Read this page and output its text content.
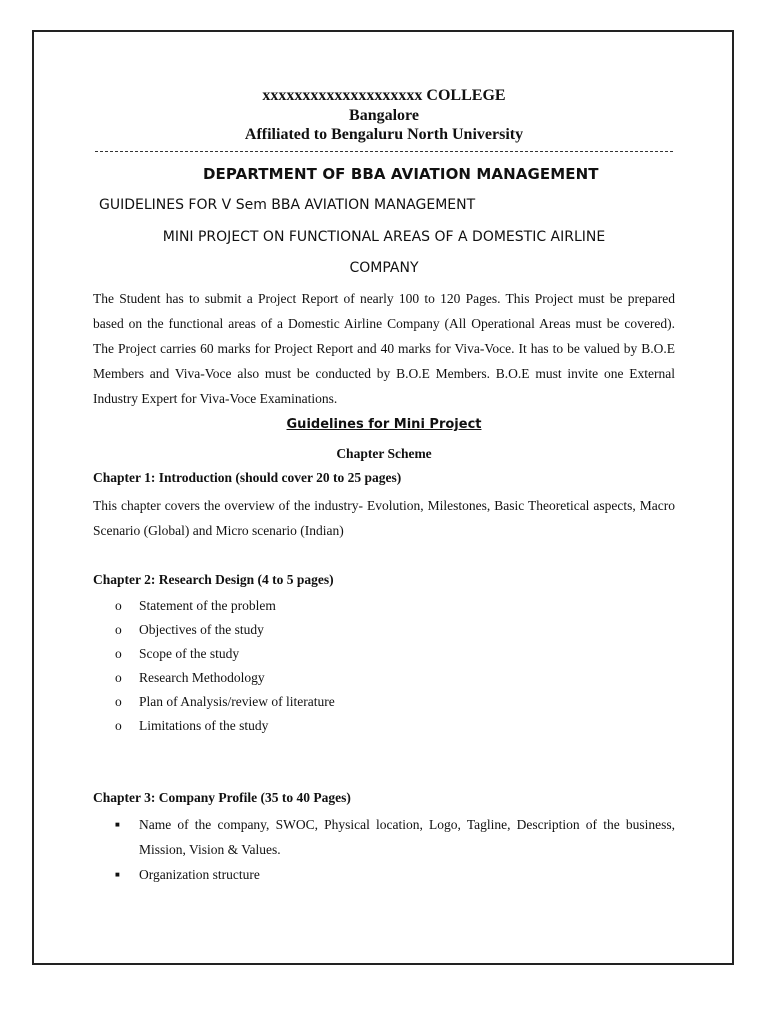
xxxxxxxxxxxxxxxxxxxx COLLEGE
Bangalore
Affiliated to Bengaluru North University
DEPARTMENT OF BBA AVIATION MANAGEMENT
GUIDELINES FOR V Sem BBA AVIATION MANAGEMENT
MINI PROJECT ON FUNCTIONAL AREAS OF A DOMESTIC AIRLINE
COMPANY
The Student has to submit a Project Report of nearly 100 to 120 Pages. This Project must be prepared based on the functional areas of a Domestic Airline Company (All Operational Areas must be covered). The Project carries 60 marks for Project Report and 40 marks for Viva-Voce. It has to be valued by B.O.E Members and Viva-Voce also must be conducted by B.O.E Members. B.O.E must invite one External Industry Expert for Viva-Voce Examinations.
Guidelines for Mini Project
Chapter Scheme
Chapter 1: Introduction (should cover 20 to 25 pages)
This chapter covers the overview of the industry- Evolution, Milestones, Basic Theoretical aspects, Macro Scenario (Global) and Micro scenario (Indian)
Chapter 2: Research Design (4 to 5 pages)
o	Statement of the problem
o	Objectives of the study
o	Scope of the study
o	Research Methodology
o	Plan of Analysis/review of literature
o	Limitations of the study
Chapter 3: Company Profile (35 to 40 Pages)
■	Name of the company, SWOC, Physical location, Logo, Tagline, Description of the business, Mission, Vision & Values.
■	Organization structure
